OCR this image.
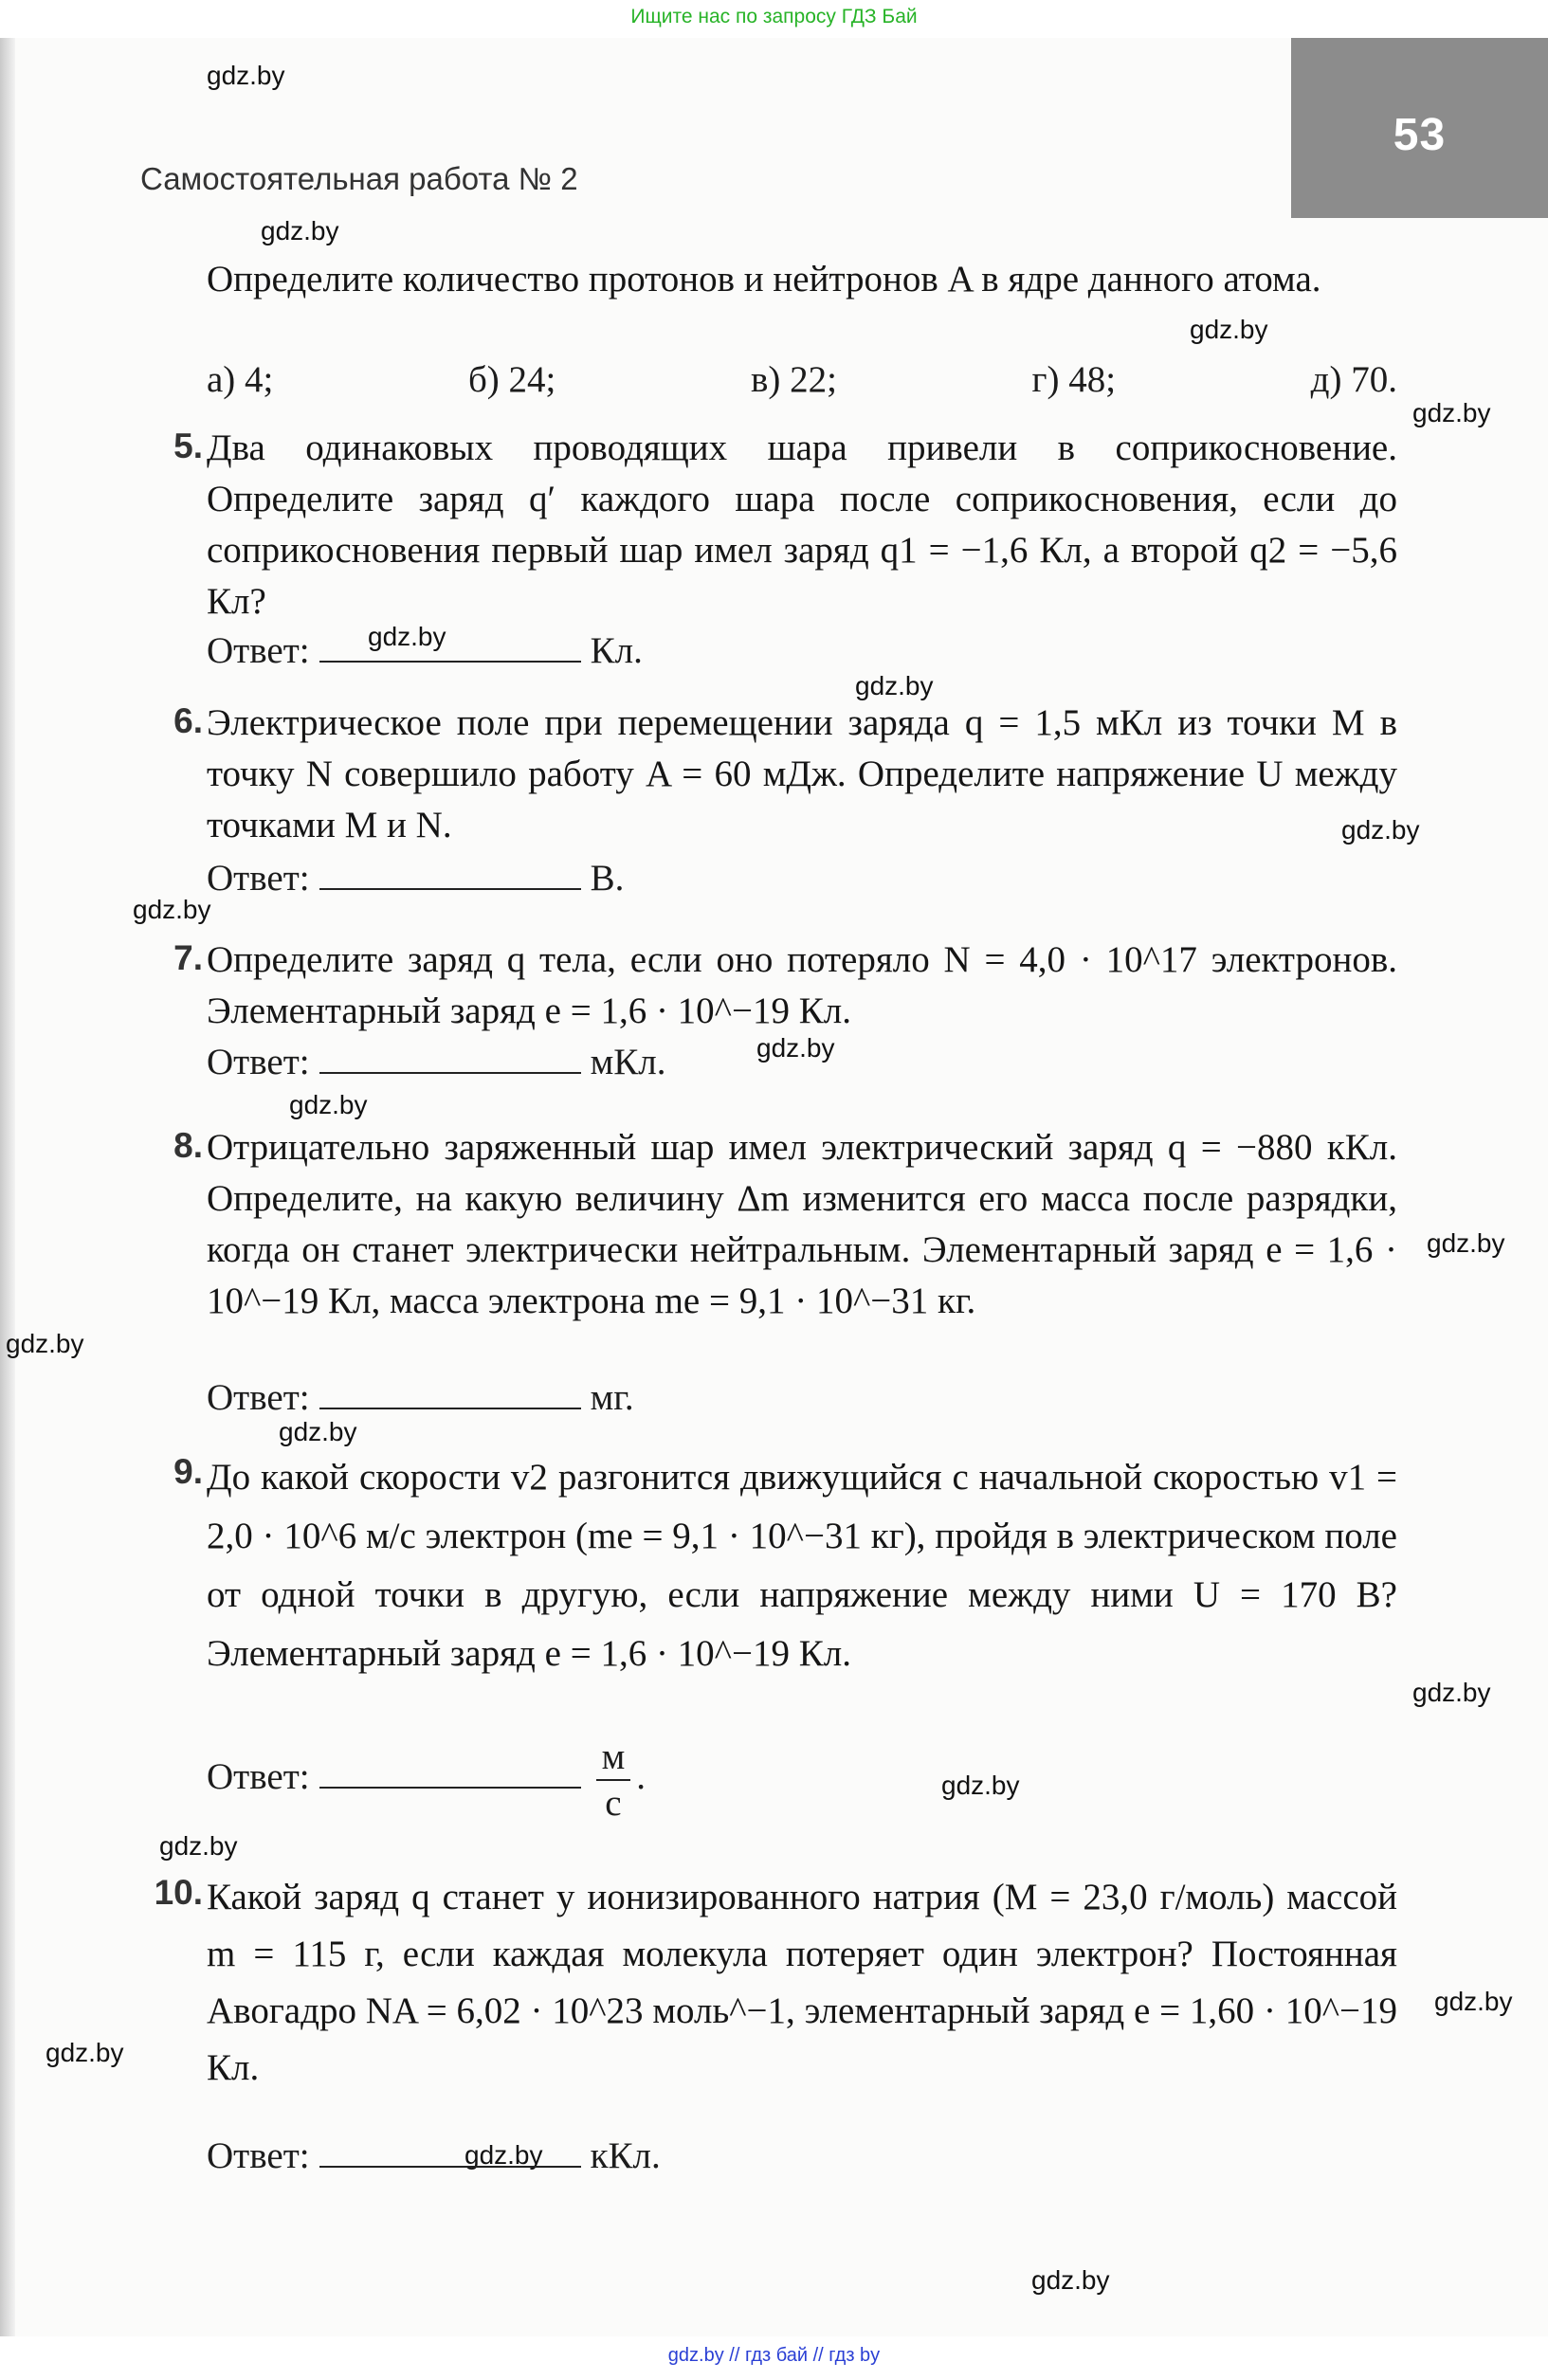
Ищите нас по запросу ГДЗ Бай
53
gdz.by
gdz.by
gdz.by
gdz.by
gdz.by
gdz.by
gdz.by
gdz.by
gdz.by
gdz.by
gdz.by
gdz.by
gdz.by
gdz.by
gdz.by
gdz.by
gdz.by
gdz.by
gdz.by
gdz.by
Самостоятельная работа № 2
Определите количество протонов и нейтронов A в ядре данного атома.
а) 4;	б) 24;	в) 22;	г) 48;	д) 70.
5. Два одинаковых проводящих шара привели в соприкосновение. Определите заряд q′ каждого шара после соприкосновения, если до соприкосновения первый шар имел заряд q1 = −1,6 Кл, а второй q2 = −5,6 Кл?
Ответ:	Кл.
6. Электрическое поле при перемещении заряда q = 1,5 мКл из точки M в точку N совершило работу A = 60 мДж. Определите напряжение U между точками M и N.
Ответ:	В.
7. Определите заряд q тела, если оно потеряло N = 4,0 · 10^17 электронов. Элементарный заряд e = 1,6 · 10^−19 Кл.
Ответ:	мКл.
8. Отрицательно заряженный шар имел электрический заряд q = −880 кКл. Определите, на какую величину Δm изменится его масса после разрядки, когда он станет электрически нейтральным. Элементарный заряд e = 1,6 · 10^−19 Кл, масса электрона me = 9,1 · 10^−31 кг.
Ответ:	мг.
9. До какой скорости v2 разгонится движущийся с начальной скоростью v1 = 2,0 · 10^6 м/с электрон (me = 9,1 · 10^−31 кг), пройдя в электрическом поле от одной точки в другую, если напряжение между ними U = 170 В? Элементарный заряд e = 1,6 · 10^−19 Кл.
Ответ:	$\frac{м}{с}$ .
10. Какой заряд q станет у ионизированного натрия (M = 23,0 г/моль) массой m = 115 г, если каждая молекула потеряет один электрон? Постоянная Авогадро NA = 6,02 · 10^23 моль^−1, элементарный заряд e = 1,60 · 10^−19 Кл.
Ответ:	кКл.
gdz.by // гдз бай // гдз by
